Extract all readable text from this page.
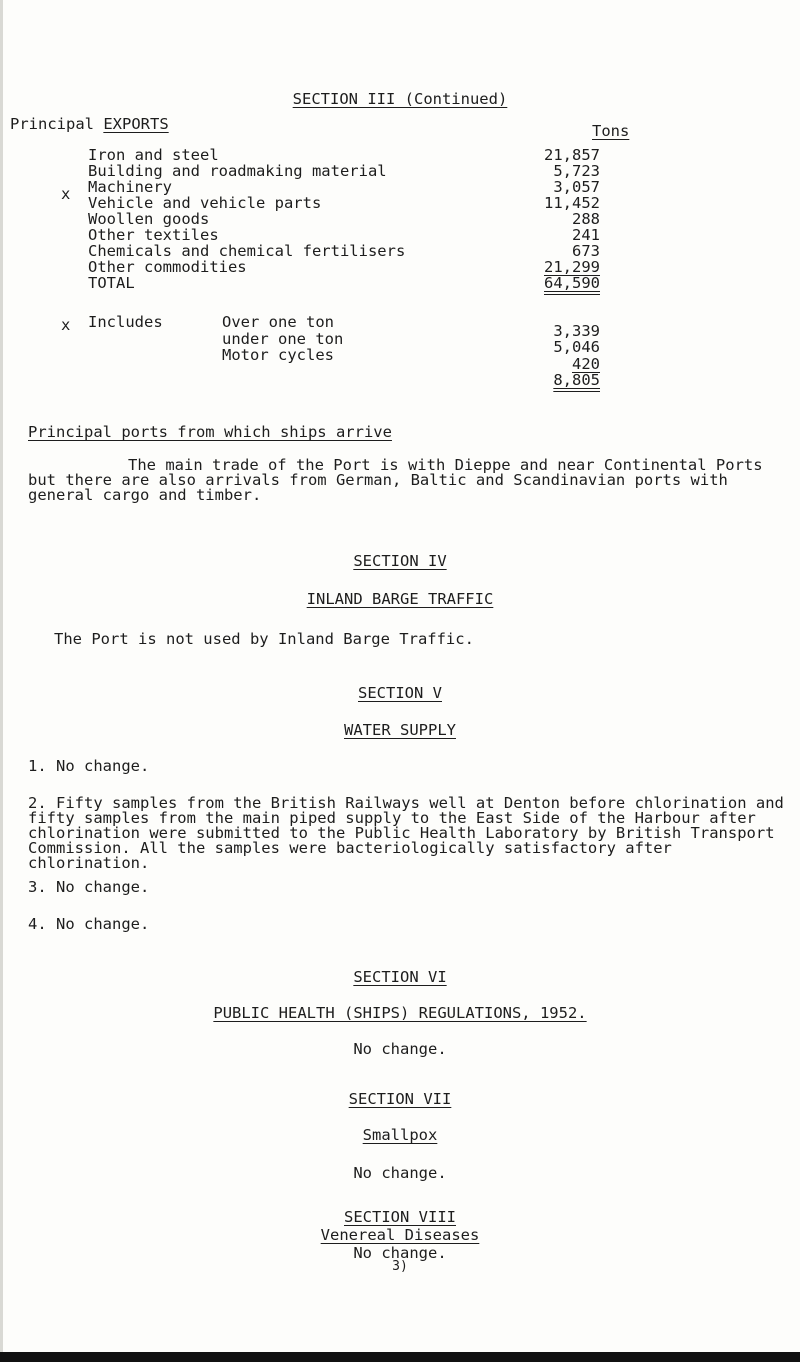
SECTION III (Continued)
Principal EXPORTS	Tons
x
Iron and steel	21,857
Building and roadmaking material	5,723
Machinery	3,057
Vehicle and vehicle parts	11,452
Woollen goods	288
Other textiles	241
Chemicals and chemical fertilisers	673
Other commodities	21,299
TOTAL	64,590
x Includes	Over one ton	3,339
under one ton	5,046
Motor cycles	420
8,805
Principal ports from which ships arrive
The main trade of the Port is with Dieppe and near Continental Ports but there are also arrivals from German, Baltic and Scandinavian ports with general cargo and timber.
SECTION IV
INLAND BARGE TRAFFIC
The Port is not used by Inland Barge Traffic.
SECTION V
WATER SUPPLY
1. No change.
2. Fifty samples from the British Railways well at Denton before chlorination and fifty samples from the main piped supply to the East Side of the Harbour after chlorination were submitted to the Public Health Laboratory by British Transport Commission. All the samples were bacteriologically satisfactory after chlorination.
3. No change.
4. No change.
SECTION VI
PUBLIC HEALTH (SHIPS) REGULATIONS, 1952.
No change.
SECTION VII
Smallpox
No change.
SECTION VIII
Venereal Diseases
No change.
3)
